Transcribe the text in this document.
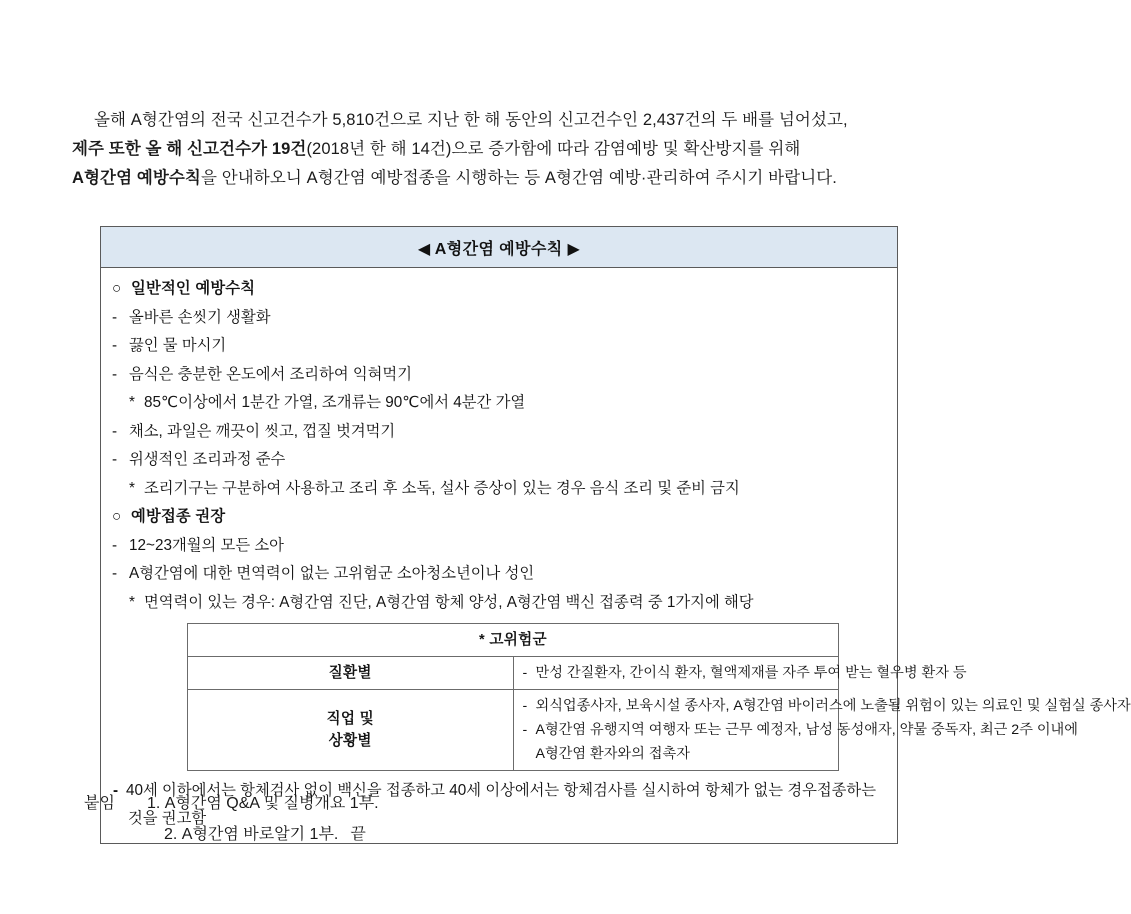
올해 A형간염의 전국 신고건수가 5,810건으로 지난 한 해 동안의 신고건수인 2,437건의 두 배를 넘어섰고,
제주 또한 올 해 신고건수가 19건(2018년 한 해 14건)으로 증가함에 따라 감염예방 및 확산방지를 위해
A형간염 예방수칙을 안내하오니 A형간염 예방접종을 시행하는 등 A형간염 예방·관리하여 주시기 바랍니다.
◀ A형간염 예방수칙 ▶
○ 일반적인 예방수칙
- 올바른 손씻기 생활화
- 끓인 물 마시기
- 음식은 충분한 온도에서 조리하여 익혀먹기
* 85℃이상에서 1분간 가열, 조개류는 90℃에서 4분간 가열
- 채소, 과일은 깨끗이 씻고, 껍질 벗겨먹기
- 위생적인 조리과정 준수
* 조리기구는 구분하여 사용하고 조리 후 소독, 설사 증상이 있는 경우 음식 조리 및 준비 금지
○ 예방접종 권장
- 12~23개월의 모든 소아
- A형간염에 대한 면역력이 없는 고위험군 소아청소년이나 성인
* 면역력이 있는 경우: A형간염 진단, A형간염 항체 양성, A형간염 백신 접종력 중 1가지에 해당
* 고위험군	
질환별	- 만성 간질환자, 간이식 환자, 혈액제재를 자주 투여 받는 혈우병 환자 등

직업 및
상황별	- 외식업종사자, 보육시설 종사자, A형간염 바이러스에 노출될 위험이 있는 의료인 및 실험실 종사자
- A형간염 유행지역 여행자 또는 근무 예정자, 남성 동성애자, 약물 중독자, 최근 2주 이내에
A형간염 환자와의 접촉자
- 40세 이하에서는 항체검사 없이 백신을 접종하고 40세 이상에서는 항체검사를 실시하여 항체가 없는 경우접종하는
것을 권고함
붙임 1. A형간염 Q&A 및 질병개요 1부.
2. A형간염 바로알기 1부. 끝
